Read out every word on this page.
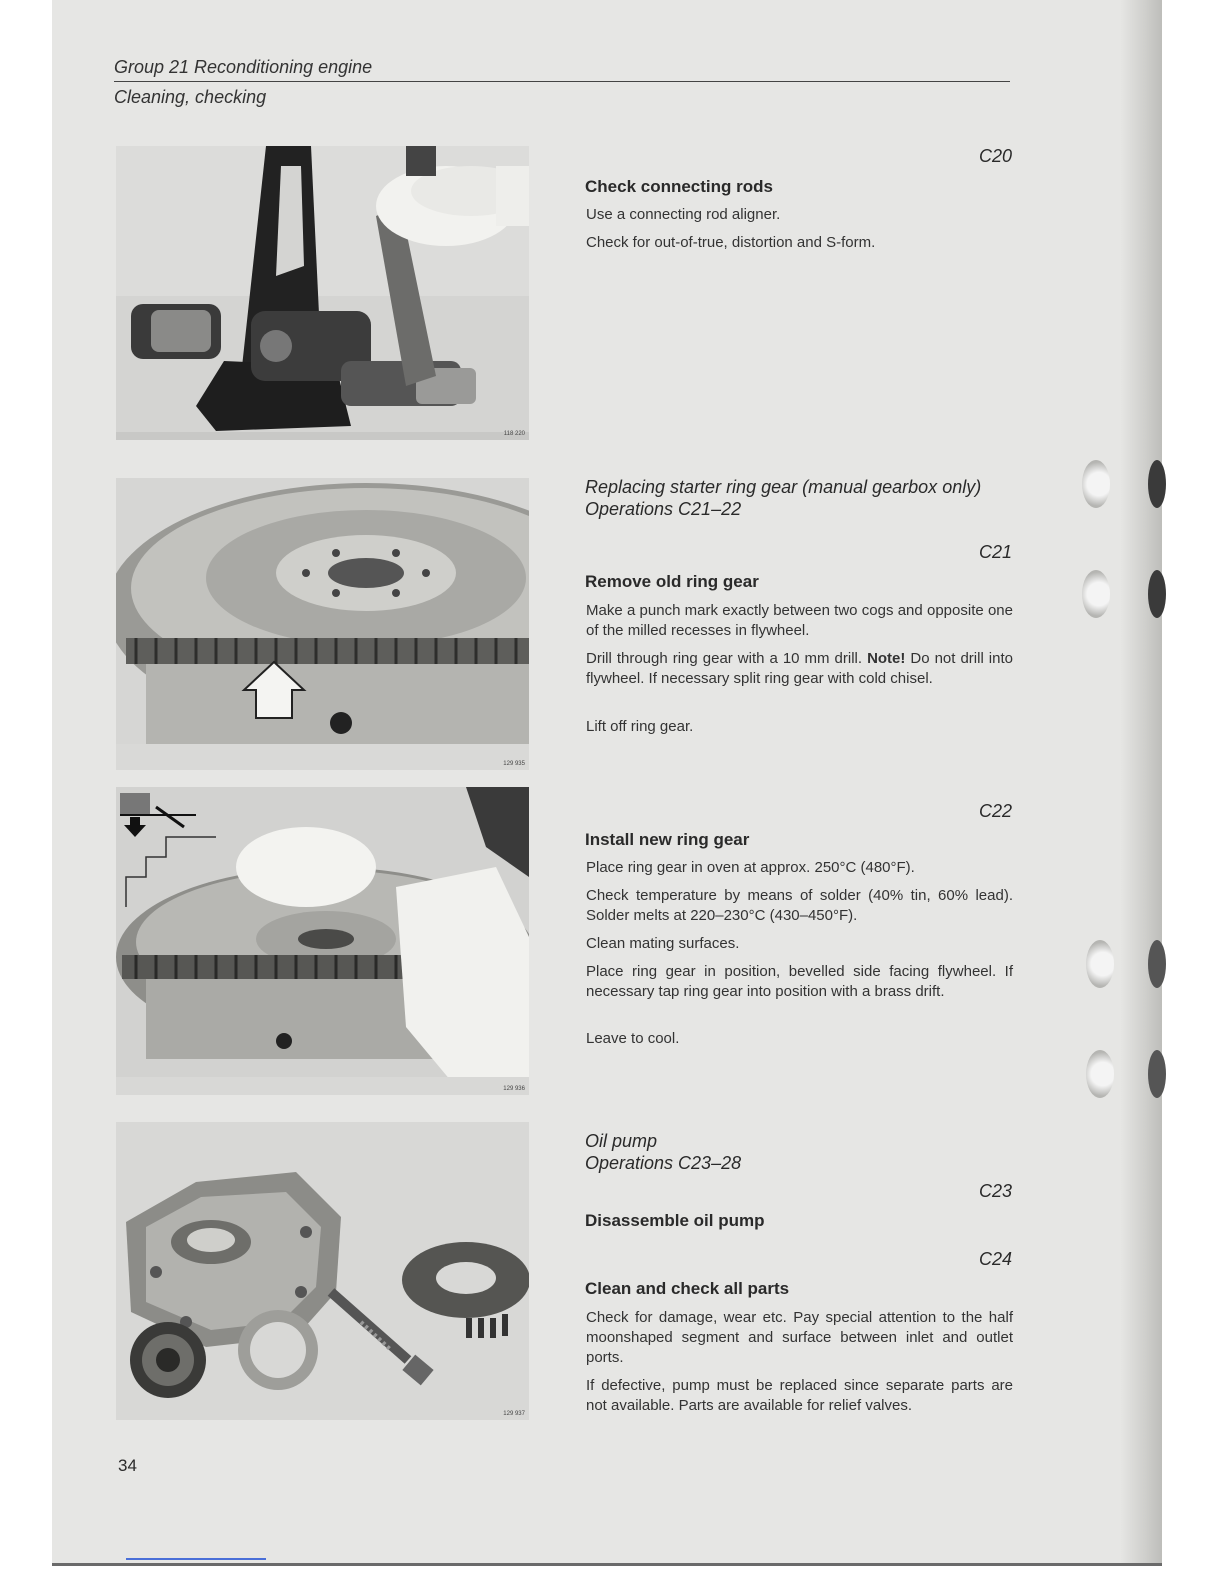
Group 21 Reconditioning engine
Cleaning, checking
118 220
129 935
129 936
129 937
C20
Check connecting rods
Use a connecting rod aligner.
Check for out-of-true, distortion and S-form.
Replacing starter ring gear (manual gearbox only)
Operations C21–22
C21
Remove old ring gear
Make a punch mark exactly between two cogs and opposite one of the milled recesses in flywheel.
Drill through ring gear with a 10 mm drill. Note! Do not drill into flywheel. If necessary split ring gear with cold chisel.
Lift off ring gear.
C22
Install new ring gear
Place ring gear in oven at approx. 250°C (480°F).
Check temperature by means of solder (40% tin, 60% lead). Solder melts at 220–230°C (430–450°F).
Clean mating surfaces.
Place ring gear in position, bevelled side facing flywheel. If necessary tap ring gear into position with a brass drift.
Leave to cool.
Oil pump
Operations C23–28
C23
Disassemble oil pump
C24
Clean and check all parts
Check for damage, wear etc. Pay special attention to the half moonshaped segment and surface between inlet and outlet ports.
If defective, pump must be replaced since separate parts are not available. Parts are available for relief valves.
34
